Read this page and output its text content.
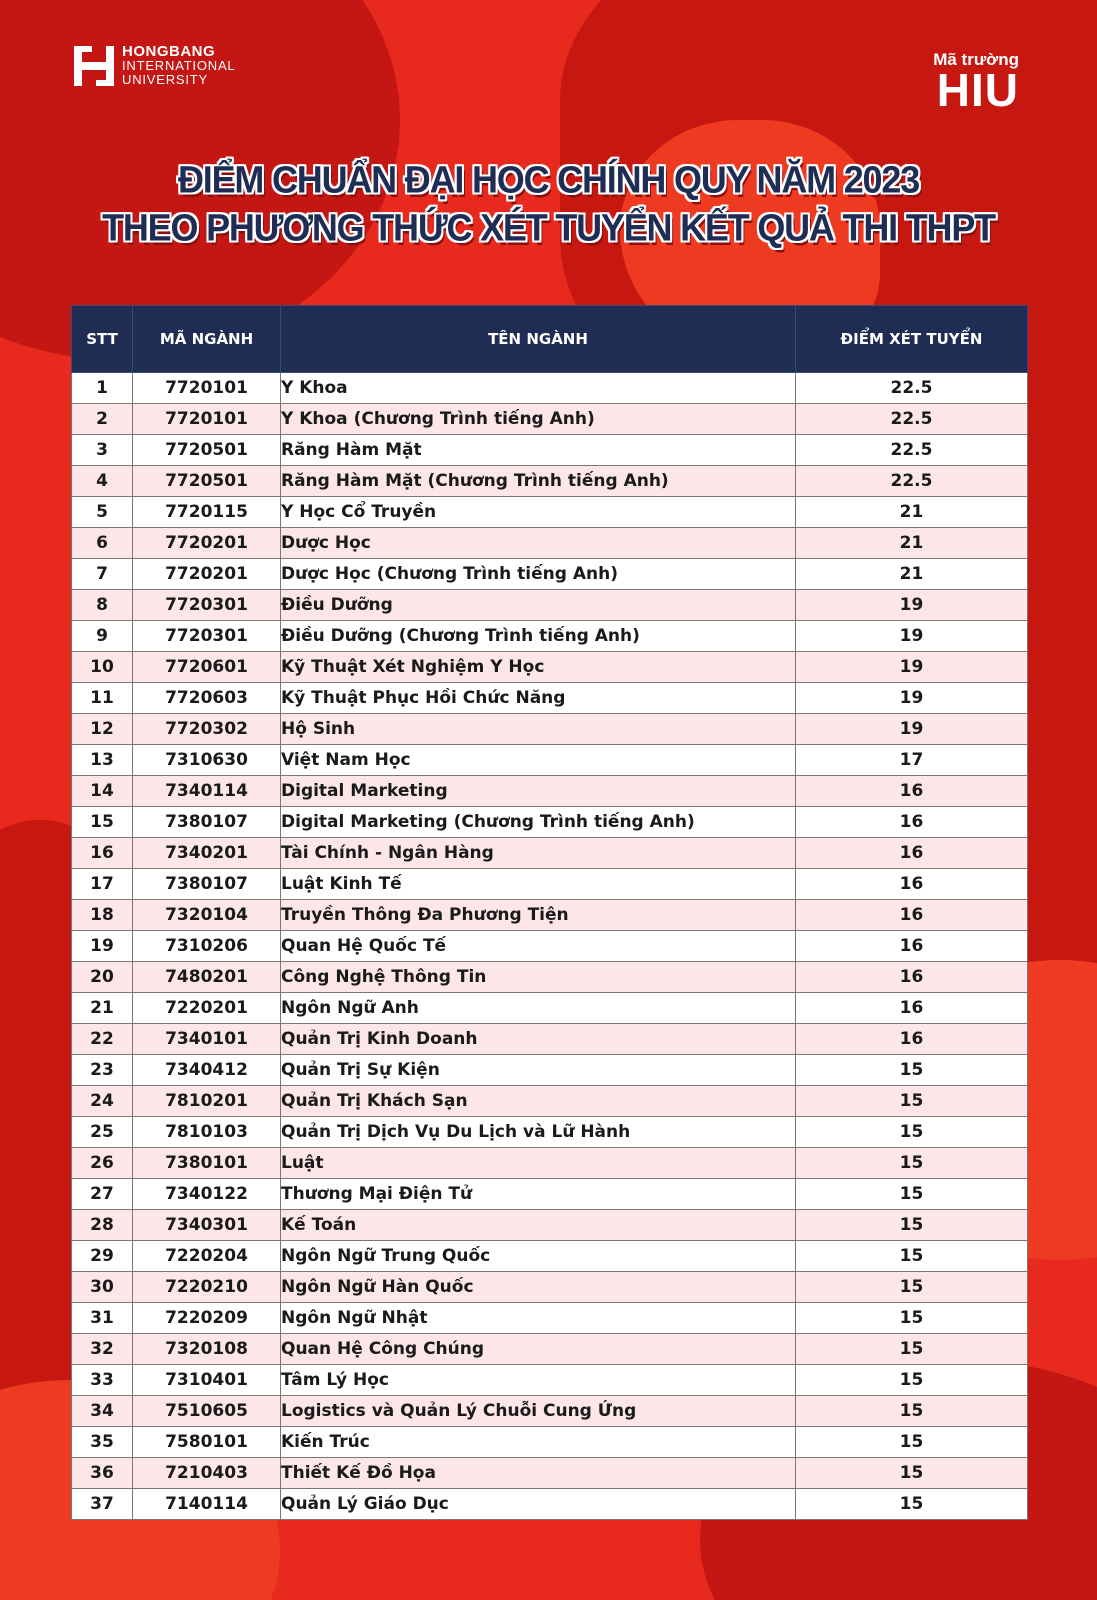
HONGBANG
INTERNATIONAL
UNIVERSITY
Mã trường
HIU
ĐIỂM CHUẨN ĐẠI HỌC CHÍNH QUY NĂM 2023
THEO PHƯƠNG THỨC XÉT TUYỂN KẾT QUẢ THI THPT
STT	MÃ NGÀNH	TÊN NGÀNH	ĐIỂM XÉT TUYỂN
1	7720101	Y Khoa	22.5
2	7720101	Y Khoa (Chương Trình tiếng Anh)	22.5
3	7720501	Răng Hàm Mặt	22.5
4	7720501	Răng Hàm Mặt (Chương Trình tiếng Anh)	22.5
5	7720115	Y Học Cổ Truyền	21
6	7720201	Dược Học	21
7	7720201	Dược Học (Chương Trình tiếng Anh)	21
8	7720301	Điều Dưỡng	19
9	7720301	Điều Dưỡng (Chương Trình tiếng Anh)	19
10	7720601	Kỹ Thuật Xét Nghiệm Y Học	19
11	7720603	Kỹ Thuật Phục Hồi Chức Năng	19
12	7720302	Hộ Sinh	19
13	7310630	Việt Nam Học	17
14	7340114	Digital Marketing	16
15	7380107	Digital Marketing (Chương Trình tiếng Anh)	16
16	7340201	Tài Chính - Ngân Hàng	16
17	7380107	Luật Kinh Tế	16
18	7320104	Truyền Thông Đa Phương Tiện	16
19	7310206	Quan Hệ Quốc Tế	16
20	7480201	Công Nghệ Thông Tin	16
21	7220201	Ngôn Ngữ Anh	16
22	7340101	Quản Trị Kinh Doanh	16
23	7340412	Quản Trị Sự Kiện	15
24	7810201	Quản Trị Khách Sạn	15
25	7810103	Quản Trị Dịch Vụ Du Lịch và Lữ Hành	15
26	7380101	Luật	15
27	7340122	Thương Mại Điện Tử	15
28	7340301	Kế Toán	15
29	7220204	Ngôn Ngữ Trung Quốc	15
30	7220210	Ngôn Ngữ Hàn Quốc	15
31	7220209	Ngôn Ngữ Nhật	15
32	7320108	Quan Hệ Công Chúng	15
33	7310401	Tâm Lý Học	15
34	7510605	Logistics và Quản Lý Chuỗi Cung Ứng	15
35	7580101	Kiến Trúc	15
36	7210403	Thiết Kế Đồ Họa	15
37	7140114	Quản Lý Giáo Dục	15
